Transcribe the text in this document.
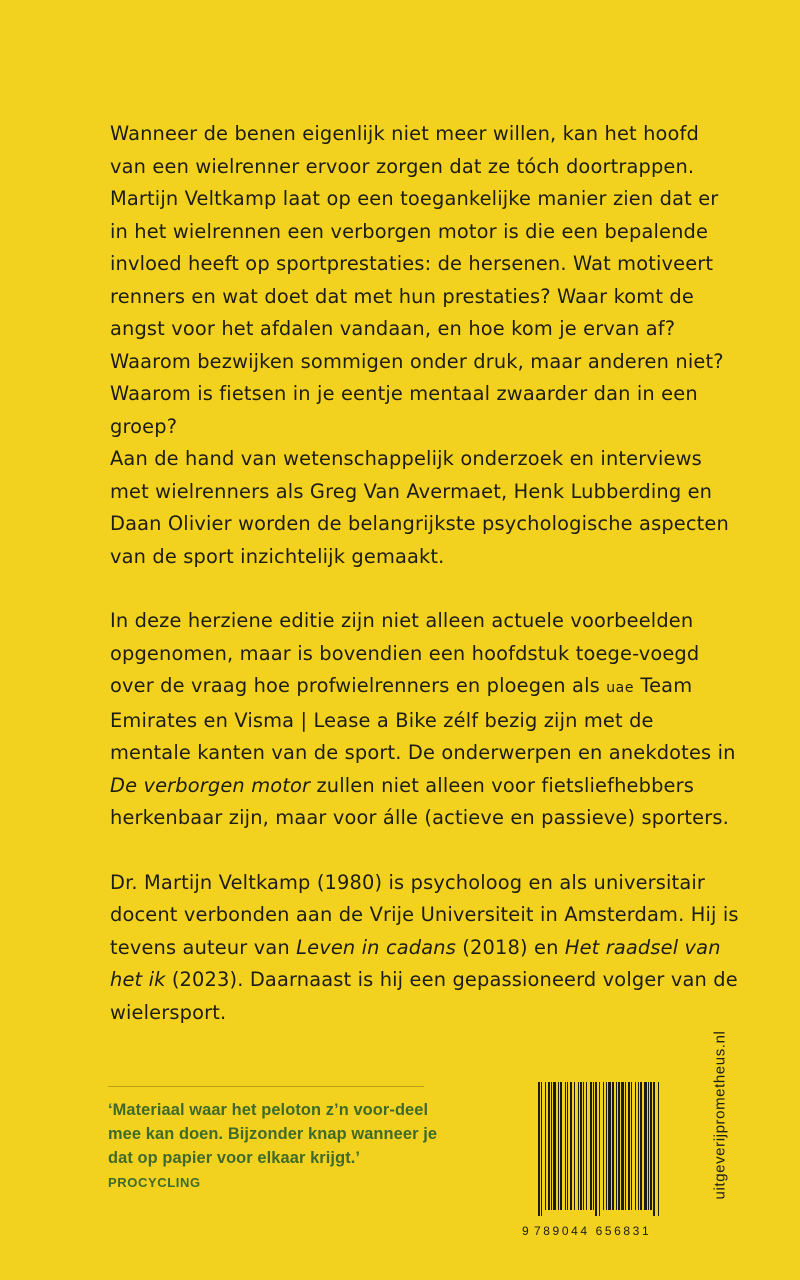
Wanneer de benen eigenlijk niet meer willen, kan het hoofd van een wielrenner ervoor zorgen dat ze tóch doortrappen. Martijn Veltkamp laat op een toegankelijke manier zien dat er in het wielrennen een verborgen motor is die een bepalende invloed heeft op sportprestaties: de hersenen. Wat motiveert renners en wat doet dat met hun prestaties? Waar komt de angst voor het afdalen vandaan, en hoe kom je ervan af? Waarom bezwijken sommigen onder druk, maar anderen niet? Waarom is fietsen in je eentje mentaal zwaarder dan in een groep?

Aan de hand van wetenschappelijk onderzoek en interviews met wielrenners als Greg Van Avermaet, Henk Lubberding en Daan Olivier worden de belangrijkste psychologische aspecten van de sport inzichtelijk gemaakt.

In deze herziene editie zijn niet alleen actuele voorbeelden opgenomen, maar is bovendien een hoofdstuk toege-voegd over de vraag hoe profwielrenners en ploegen als uae Team Emirates en Visma | Lease a Bike zélf bezig zijn met de mentale kanten van de sport. De onderwerpen en anekdotes in De verborgen motor zullen niet alleen voor fietsliefhebbers herkenbaar zijn, maar voor álle (actieve en passieve) sporters.

Dr. Martijn Veltkamp (1980) is psycholoog en als universitair docent verbonden aan de Vrije Universiteit in Amsterdam. Hij is tevens auteur van Leven in cadans (2018) en Het raadsel van het ik (2023). Daarnaast is hij een gepassioneerd volger van de wielersport.

‘Materiaal waar het peloton z’n voor-deel mee kan doen. Bijzonder knap wanneer je dat op papier voor elkaar krijgt.’ PROCYCLING
9 789044 656831
uitgeverijprometheus.nl
